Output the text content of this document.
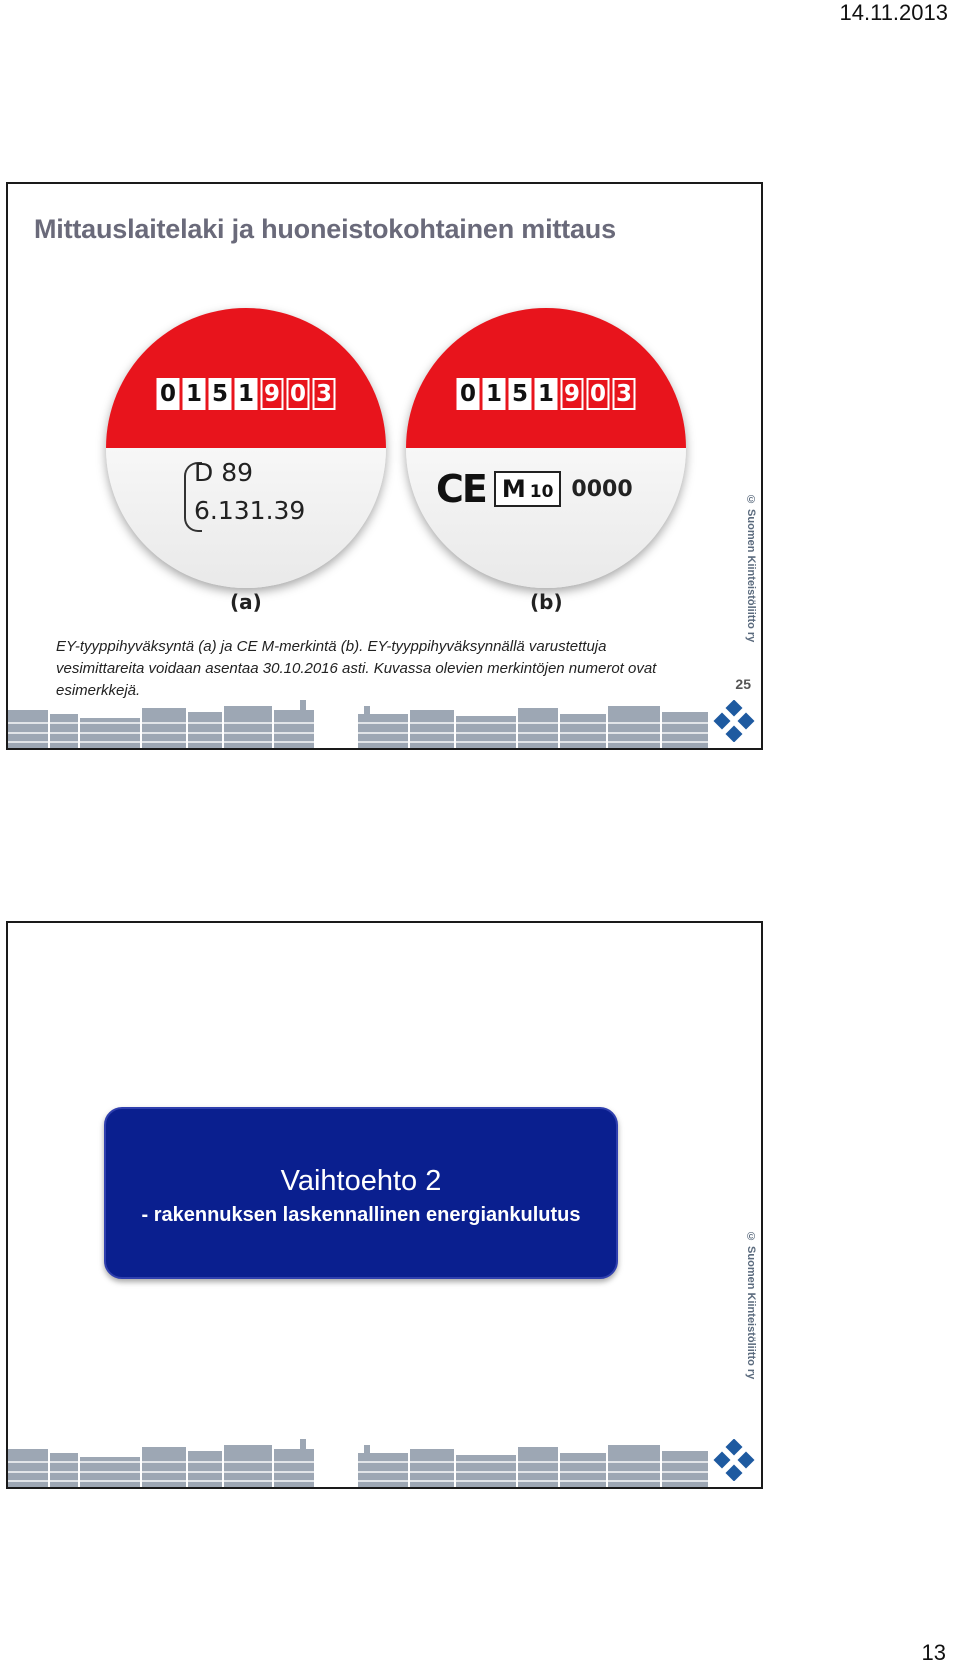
14.11.2013
Mittauslaitelaki ja huoneistokohtainen mittaus
0 1 5 1 9 0 3
D 89
6.131.39
0 1 5 1 9 0 3
CE M 10 0000
(a)	(b)
EY-tyyppihyväksyntä (a) ja CE M-merkintä (b). EY-tyyppihyväksynnällä varustettuja vesimittareita voidaan asentaa 30.10.2016 asti. Kuvassa olevien merkintöjen numerot ovat esimerkkejä.
© Suomen Kiinteistöliitto ry
25
Vaihtoehto 2
- rakennuksen laskennallinen energiankulutus
© Suomen Kiinteistöliitto ry
13
